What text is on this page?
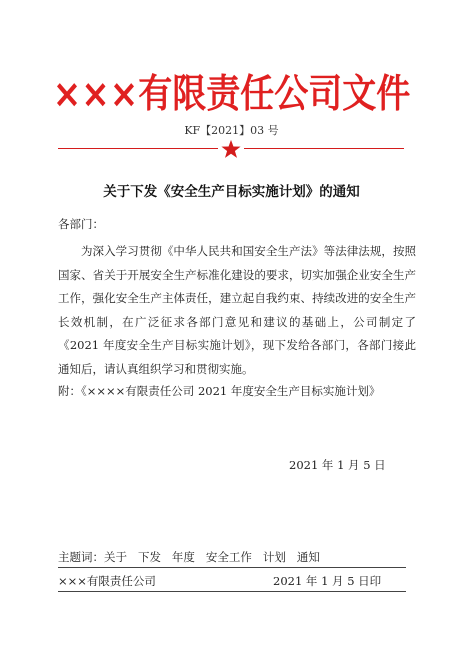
×××有限责任公司文件
KF【2021】03 号
关于下发《安全生产目标实施计划》的通知
各部门：

为深入学习贯彻《中华人民共和国安全生产法》等法律法规，按照国家、省关于开展安全生产标准化建设的要求，切实加强企业安全生产工作，强化安全生产主体责任，建立起自我约束、持续改进的安全生产长效机制，在广泛征求各部门意见和建议的基础上，公司制定了《2021 年度安全生产目标实施计划》，现下发给各部门，各部门接此通知后，请认真组织学习和贯彻实施。

附：《××××有限责任公司 2021 年度安全生产目标实施计划》
2021 年 1 月 5 日
主题词：关于   下发   年度   安全工作   计划   通知
×××有限责任公司	2021 年 1 月 5 日印
